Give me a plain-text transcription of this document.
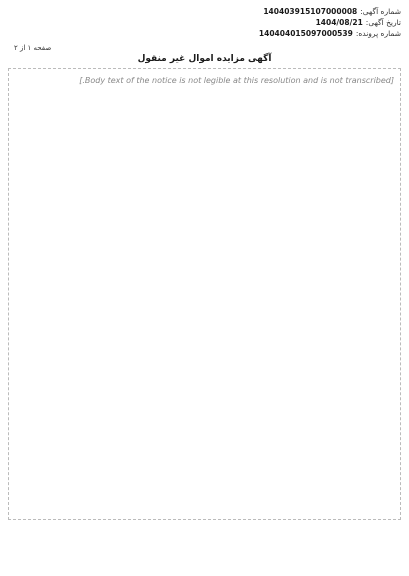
شماره آگهی:
140403915107000008
تاریخ آگهی:
1404/08/21
شماره پرونده:
140404015097000539
صفحه ۱ از ۲
آگهی مزایده اموال غیر منقول

[Body text of the notice is not legible at this resolution and is not transcribed.]
